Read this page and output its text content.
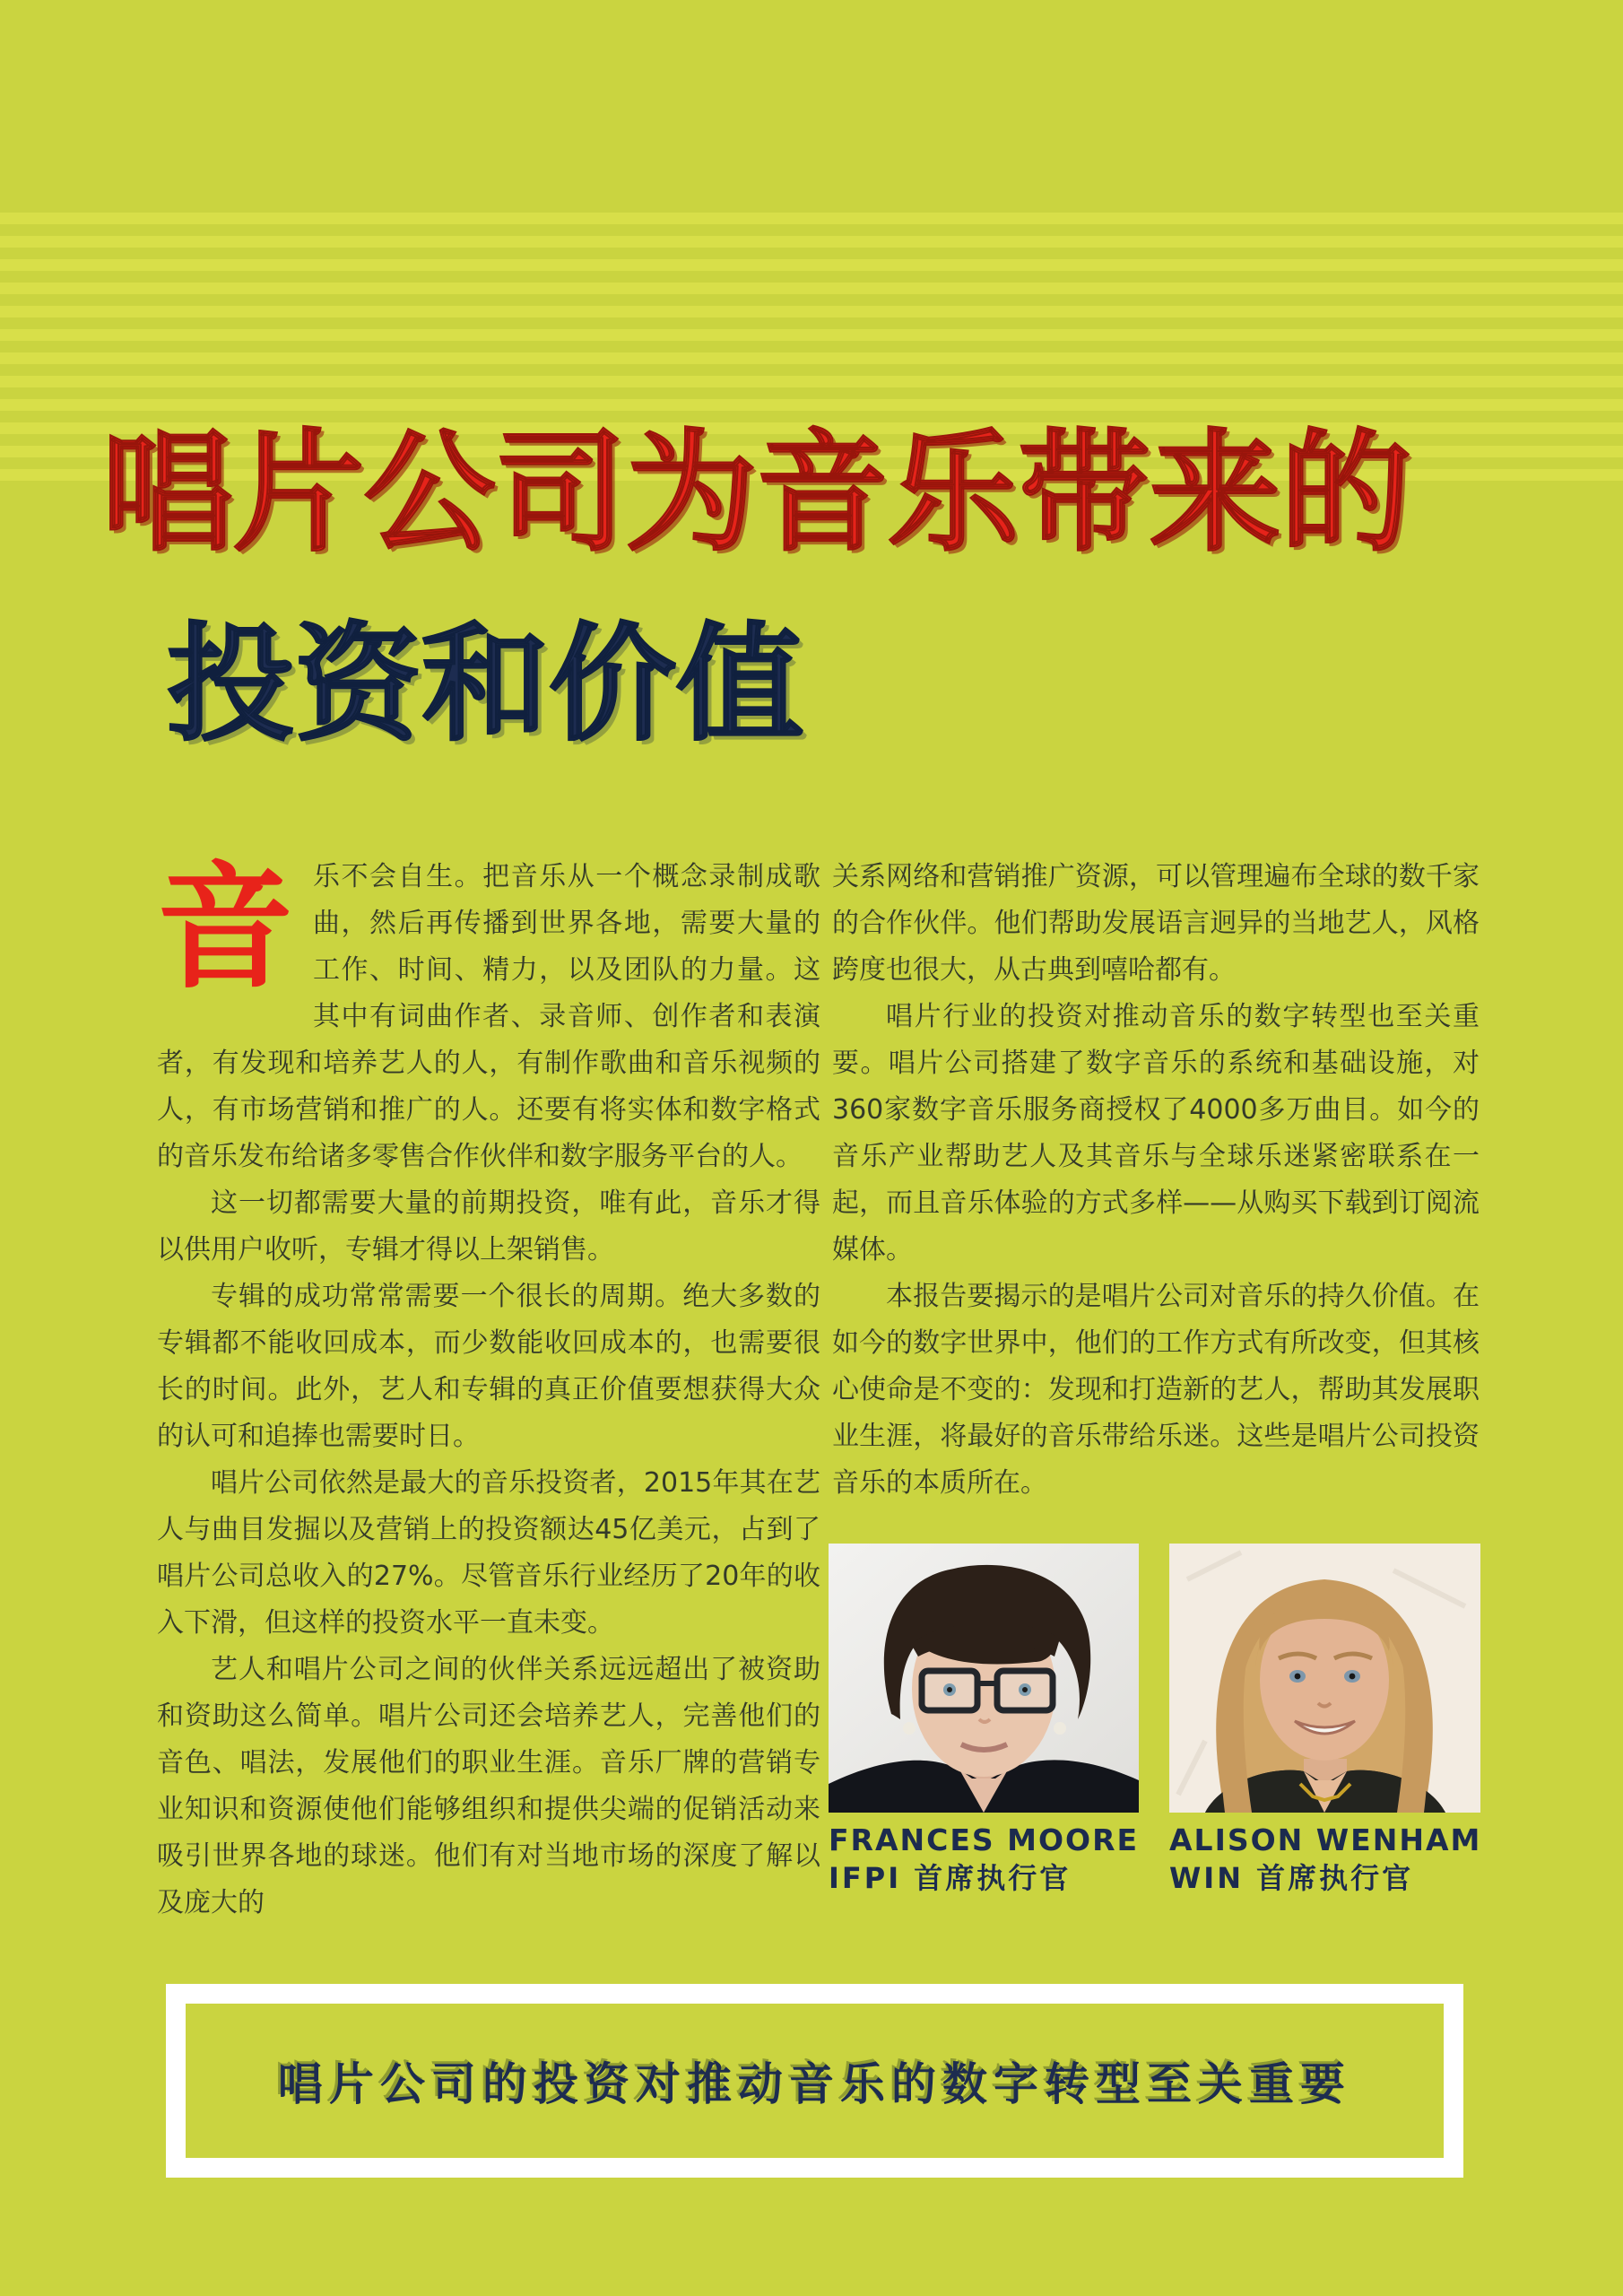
唱片公司为音乐带来的
投资和价值

音乐不会自生。把音乐从一个概念录制成歌曲，然后再传播到世界各地，需要大量的工作、时间、精力，以及团队的力量。这其中有词曲作者、录音师、创作者和表演者，有发现和培养艺人的人，有制作歌曲和音乐视频的人，有市场营销和推广的人。还要有将实体和数字格式的音乐发布给诸多零售合作伙伴和数字服务平台的人。

这一切都需要大量的前期投资，唯有此，音乐才得以供用户收听，专辑才得以上架销售。

专辑的成功常常需要一个很长的周期。绝大多数的专辑都不能收回成本，而少数能收回成本的，也需要很长的时间。此外，艺人和专辑的真正价值要想获得大众的认可和追捧也需要时日。

唱片公司依然是最大的音乐投资者，2015年其在艺人与曲目发掘以及营销上的投资额达45亿美元，占到了唱片公司总收入的27%。尽管音乐行业经历了20年的收入下滑，但这样的投资水平一直未变。

艺人和唱片公司之间的伙伴关系远远超出了被资助和资助这么简单。唱片公司还会培养艺人，完善他们的音色、唱法，发展他们的职业生涯。音乐厂牌的营销专业知识和资源使他们能够组织和提供尖端的促销活动来吸引世界各地的球迷。他们有对当地市场的深度了解以及庞大的

关系网络和营销推广资源，可以管理遍布全球的数千家的合作伙伴。他们帮助发展语言迥异的当地艺人，风格跨度也很大，从古典到嘻哈都有。

唱片行业的投资对推动音乐的数字转型也至关重要。唱片公司搭建了数字音乐的系统和基础设施，对360家数字音乐服务商授权了4000多万曲目。如今的音乐产业帮助艺人及其音乐与全球乐迷紧密联系在一起，而且音乐体验的方式多样——从购买下载到订阅流媒体。

本报告要揭示的是唱片公司对音乐的持久价值。在如今的数字世界中，他们的工作方式有所改变，但其核心使命是不变的：发现和打造新的艺人，帮助其发展职业生涯，将最好的音乐带给乐迷。这些是唱片公司投资音乐的本质所在。

FRANCES MOORE
IFPI 首席执行官
ALISON WENHAM
WIN 首席执行官
唱片公司的投资对推动音乐的数字转型至关重要
